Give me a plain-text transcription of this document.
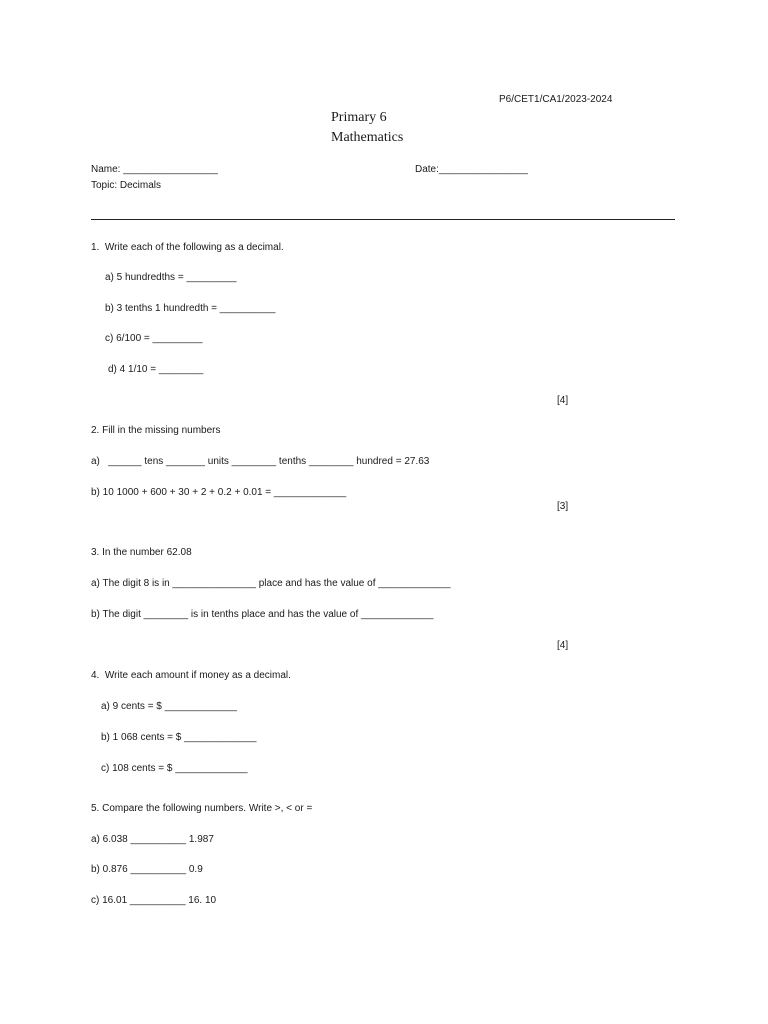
P6/CET1/CA1/2023-2024
Primary 6
Mathematics
Name: _________________	Date:________________
Topic: Decimals
1.  Write each of the following as a decimal.
a) 5 hundredths = _________
b) 3 tenths 1 hundredth = __________
c) 6/100 = _________
d) 4 1/10 = ________
[4]
2. Fill in the missing numbers
a)   ______ tens _______ units ________ tenths ________ hundred = 27.63
b) 10 1000 + 600 + 30 + 2 + 0.2 + 0.01 = _____________
[3]
3. In the number 62.08
a) The digit 8 is in _______________ place and has the value of _____________
b) The digit ________ is in tenths place and has the value of _____________
[4]
4.  Write each amount if money as a decimal.
a) 9 cents = $ _____________
b) 1 068 cents = $ _____________
c) 108 cents = $ _____________
5. Compare the following numbers. Write >, < or =
a) 6.038 __________ 1.987
b) 0.876 __________ 0.9
c) 16.01 __________ 16. 10
